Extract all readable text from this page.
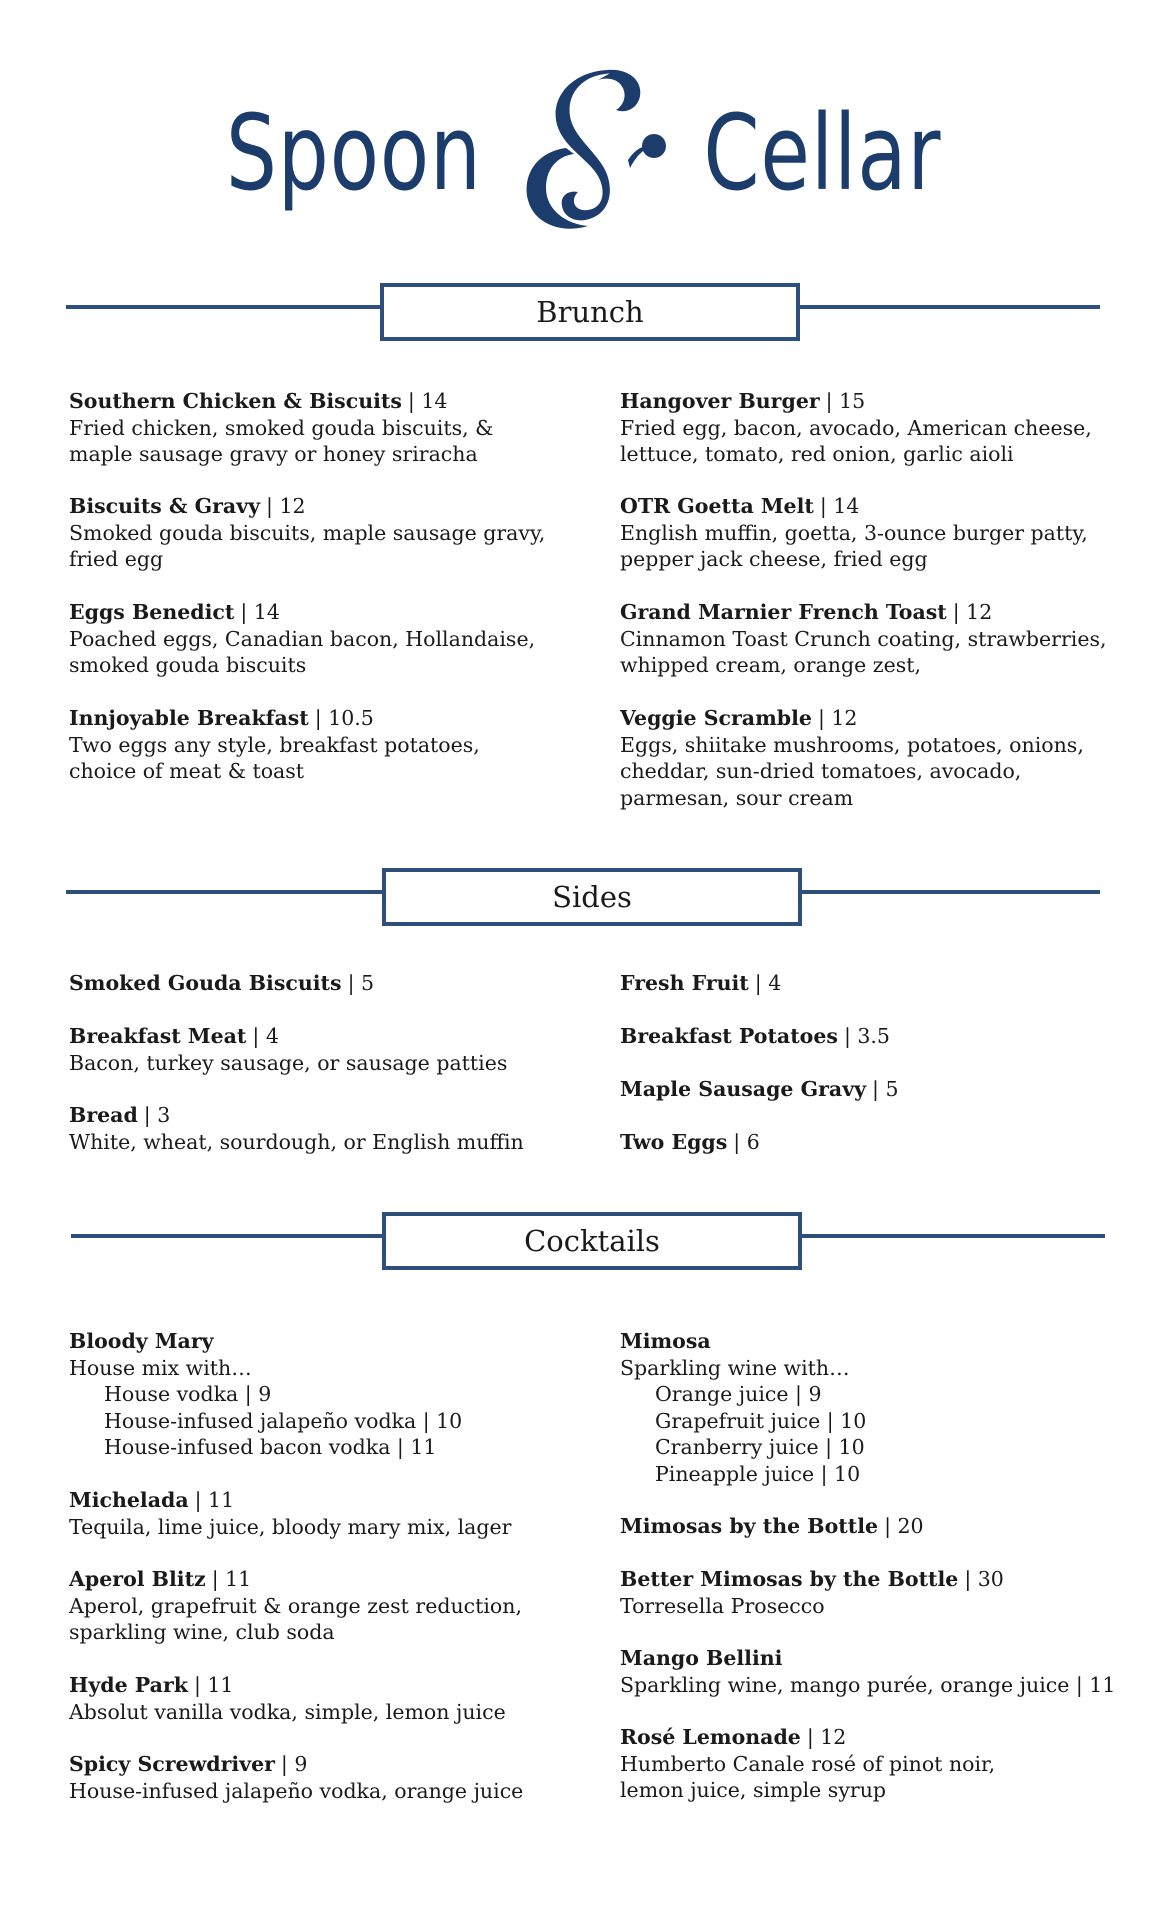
Spoon Cellar
Brunch
Southern Chicken & Biscuits | 14
Fried chicken, smoked gouda biscuits, &
maple sausage gravy or honey sriracha
Biscuits & Gravy | 12
Smoked gouda biscuits, maple sausage gravy,
fried egg
Eggs Benedict | 14
Poached eggs, Canadian bacon, Hollandaise,
smoked gouda biscuits
Innjoyable Breakfast | 10.5
Two eggs any style, breakfast potatoes,
choice of meat & toast
Hangover Burger | 15
Fried egg, bacon, avocado, American cheese,
lettuce, tomato, red onion, garlic aioli
OTR Goetta Melt | 14
English muffin, goetta, 3-ounce burger patty,
pepper jack cheese, fried egg
Grand Marnier French Toast | 12
Cinnamon Toast Crunch coating, strawberries,
whipped cream, orange zest,
Veggie Scramble | 12
Eggs, shiitake mushrooms, potatoes, onions,
cheddar, sun-dried tomatoes, avocado,
parmesan, sour cream
Sides
Smoked Gouda Biscuits | 5
Breakfast Meat | 4
Bacon, turkey sausage, or sausage patties
Bread | 3
White, wheat, sourdough, or English muffin
Fresh Fruit | 4
Breakfast Potatoes | 3.5
Maple Sausage Gravy | 5
Two Eggs | 6
Cocktails
Bloody Mary
House mix with…
House vodka | 9
House-infused jalapeño vodka | 10
House-infused bacon vodka | 11
Michelada | 11
Tequila, lime juice, bloody mary mix, lager
Aperol Blitz | 11
Aperol, grapefruit & orange zest reduction,
sparkling wine, club soda
Hyde Park | 11
Absolut vanilla vodka, simple, lemon juice
Spicy Screwdriver | 9
House-infused jalapeño vodka, orange juice
Mimosa
Sparkling wine with…
Orange juice | 9
Grapefruit juice | 10
Cranberry juice | 10
Pineapple juice | 10
Mimosas by the Bottle | 20
Better Mimosas by the Bottle | 30
Torresella Prosecco
Mango Bellini
Sparkling wine, mango purée, orange juice | 11
Rosé Lemonade | 12
Humberto Canale rosé of pinot noir,
lemon juice, simple syrup
